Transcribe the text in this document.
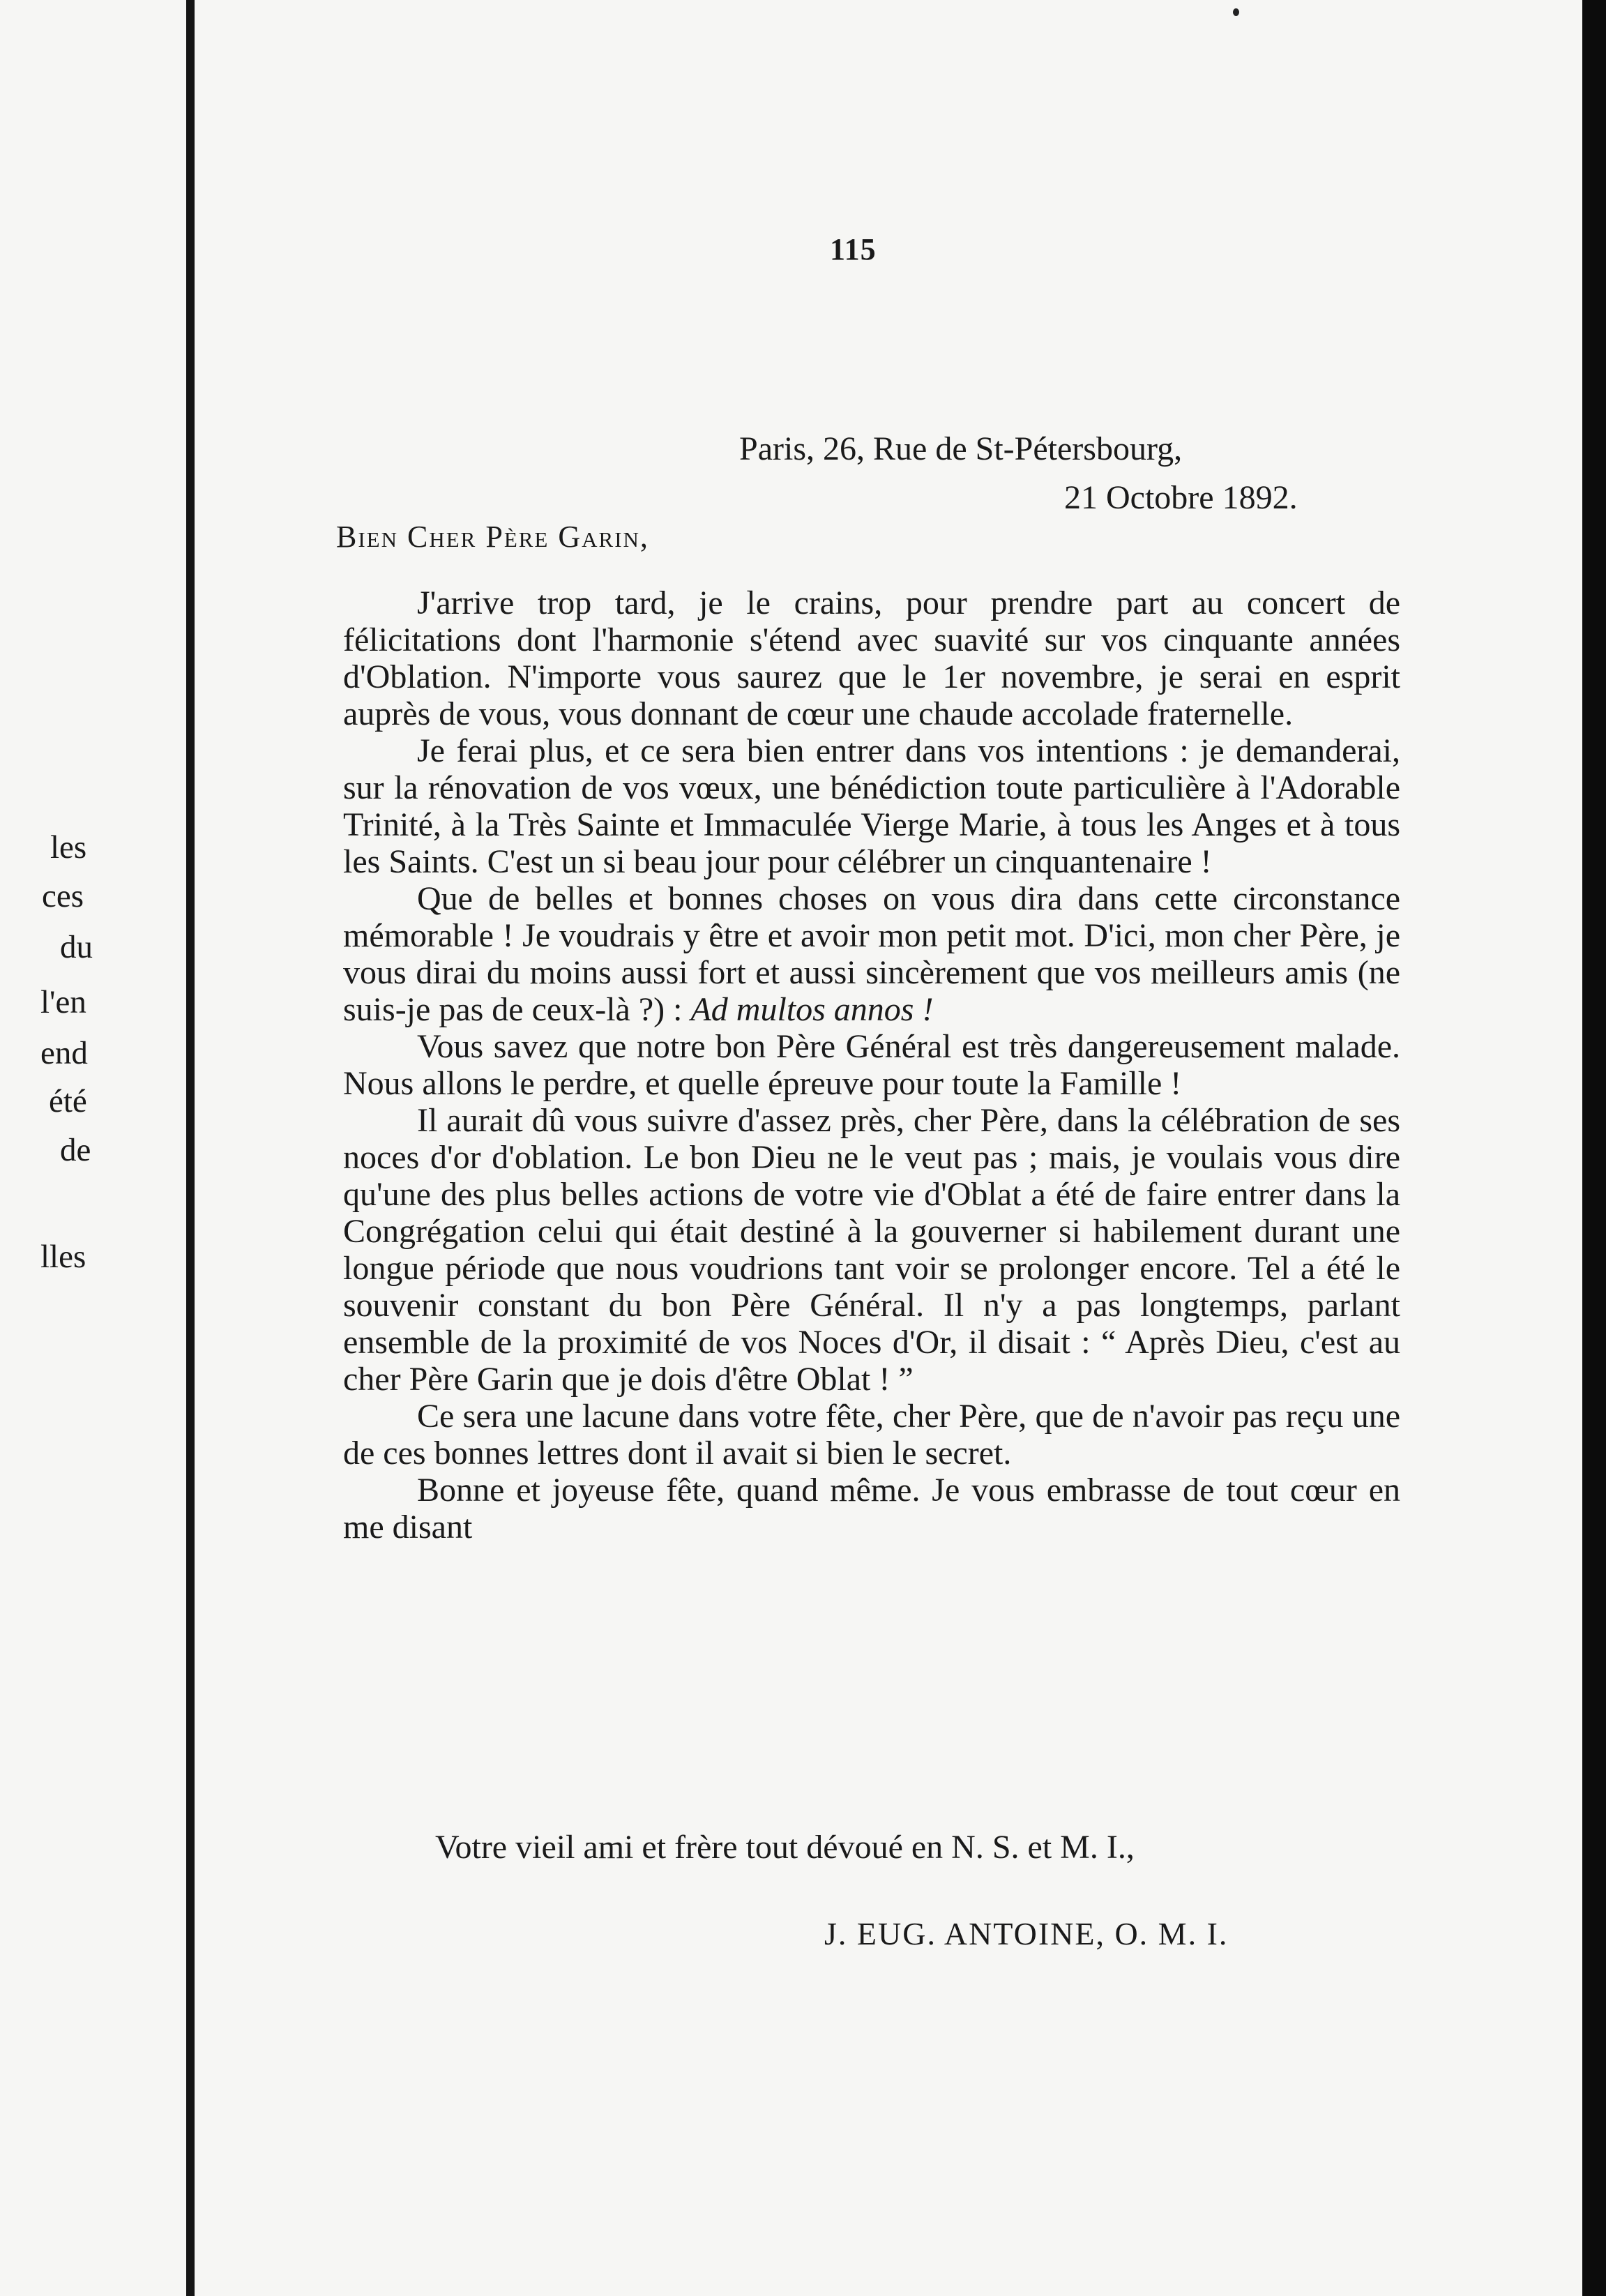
les
ces
du
l'en
end
été
de
lles
115
Paris, 26, Rue de St-Pétersbourg,
21 Octobre 1892.
Bien Cher Père Garin,

J'arrive trop tard, je le crains, pour prendre part au concert de félicitations dont l'harmonie s'étend avec suavité sur vos cinquante années d'Oblation. N'importe vous saurez que le 1er novembre, je serai en esprit auprès de vous, vous donnant de cœur une chaude accolade fraternelle.

Je ferai plus, et ce sera bien entrer dans vos intentions : je demanderai, sur la rénovation de vos vœux, une bénédiction toute particulière à l'Adorable Trinité, à la Très Sainte et Immaculée Vierge Marie, à tous les Anges et à tous les Saints. C'est un si beau jour pour célébrer un cinquantenaire !

Que de belles et bonnes choses on vous dira dans cette circonstance mémorable ! Je voudrais y être et avoir mon petit mot. D'ici, mon cher Père, je vous dirai du moins aussi fort et aussi sincèrement que vos meilleurs amis (ne suis-je pas de ceux-là ?) : Ad multos annos !

Vous savez que notre bon Père Général est très dangereusement malade. Nous allons le perdre, et quelle épreuve pour toute la Famille !

Il aurait dû vous suivre d'assez près, cher Père, dans la célébration de ses noces d'or d'oblation. Le bon Dieu ne le veut pas ; mais, je voulais vous dire qu'une des plus belles actions de votre vie d'Oblat a été de faire entrer dans la Congrégation celui qui était destiné à la gouverner si habilement durant une longue période que nous voudrions tant voir se prolonger encore. Tel a été le souvenir constant du bon Père Général. Il n'y a pas longtemps, parlant ensemble de la proximité de vos Noces d'Or, il disait : “ Après Dieu, c'est au cher Père Garin que je dois d'être Oblat ! ”

Ce sera une lacune dans votre fête, cher Père, que de n'avoir pas reçu une de ces bonnes lettres dont il avait si bien le secret.

Bonne et joyeuse fête, quand même. Je vous embrasse de tout cœur en me disant

Votre vieil ami et frère tout dévoué en N. S. et M. I.,
J. EUG. ANTOINE, O. M. I.
